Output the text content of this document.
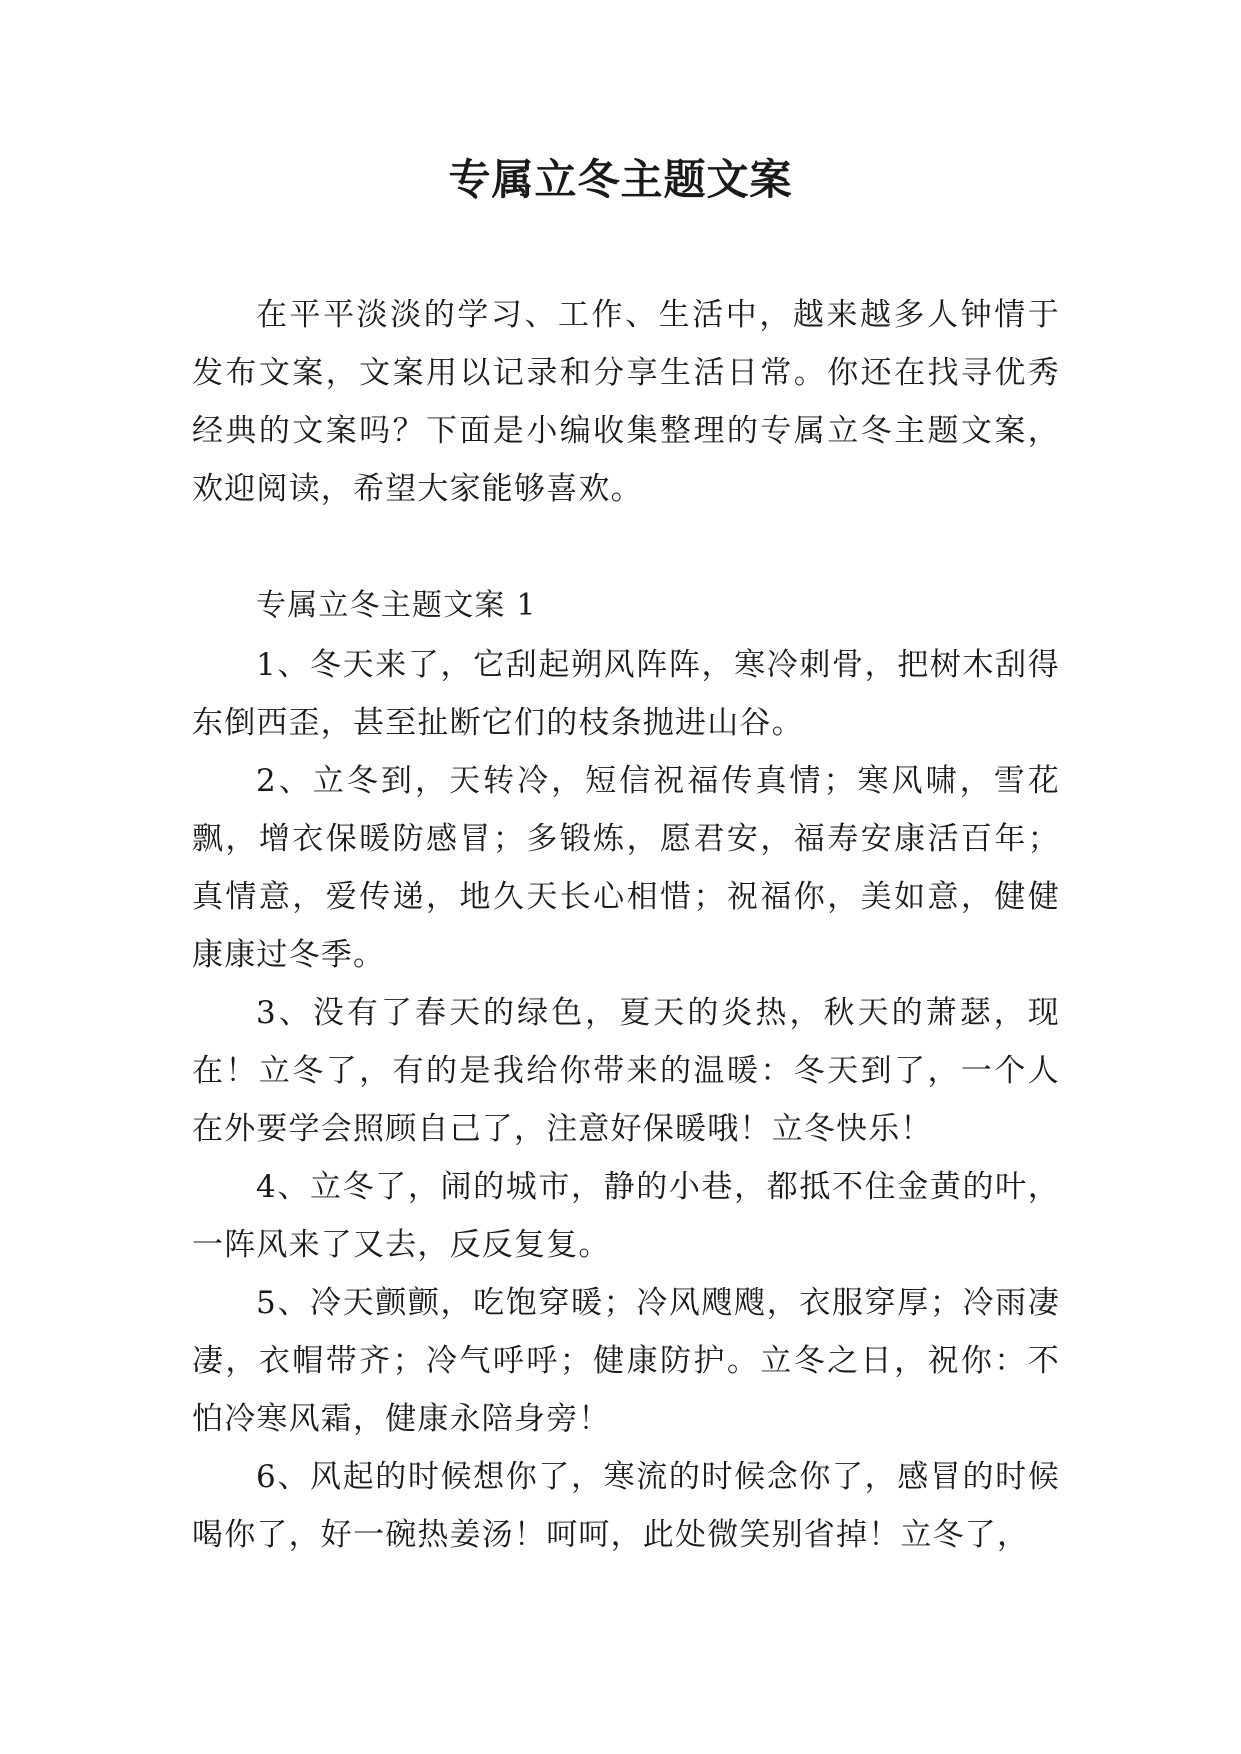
专属立冬主题文案

在平平淡淡的学习、工作、生活中，越来越多人钟情于发布文案，文案用以记录和分享生活日常。你还在找寻优秀经典的文案吗？下面是小编收集整理的专属立冬主题文案，欢迎阅读，希望大家能够喜欢。

专属立冬主题文案 1

1、冬天来了，它刮起朔风阵阵，寒冷刺骨，把树木刮得东倒西歪，甚至扯断它们的枝条抛进山谷。

2、立冬到，天转冷，短信祝福传真情；寒风啸，雪花飘，增衣保暖防感冒；多锻炼，愿君安，福寿安康活百年；真情意，爱传递，地久天长心相惜；祝福你，美如意，健健康康过冬季。

3、没有了春天的绿色，夏天的炎热，秋天的萧瑟，现在！立冬了，有的是我给你带来的温暖：冬天到了，一个人在外要学会照顾自己了，注意好保暖哦！立冬快乐！

4、立冬了，闹的城市，静的小巷，都抵不住金黄的叶，一阵风来了又去，反反复复。

5、冷天颤颤，吃饱穿暖；冷风飕飕，衣服穿厚；冷雨凄凄，衣帽带齐；冷气呼呼；健康防护。立冬之日，祝你：不怕冷寒风霜，健康永陪身旁！

6、风起的时候想你了，寒流的时候念你了，感冒的时候喝你了，好一碗热姜汤！呵呵，此处微笑别省掉！立冬了，
